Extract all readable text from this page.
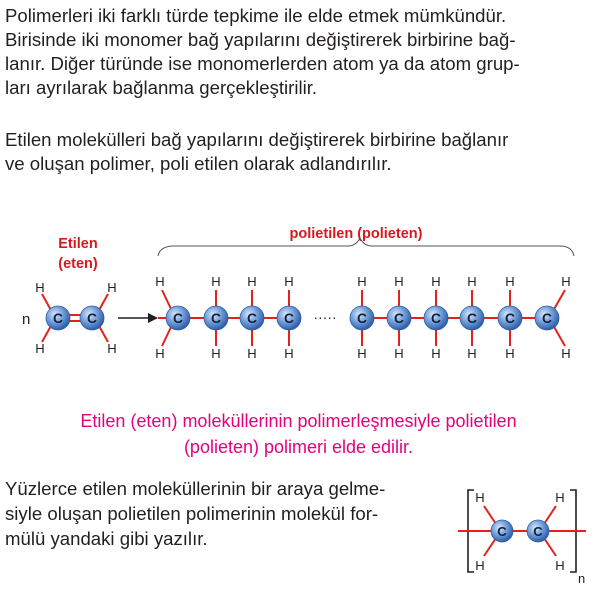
Polimerleri iki farklı türde tepkime ile elde etmek mümkündür.
Birisinde iki monomer bağ yapılarını değiştirerek birbirine bağ-
lanır. Diğer türünde ise monomerlerden atom ya da atom grup-
ları ayrılarak bağlanma gerçekleştirilir.

Etilen molekülleri bağ yapılarını değiştirerek birbirine bağlanır
ve oluşan polimer, poli etilen olarak adlandırılır.

Etilen
(eten)
polietilen (polieten)
n C C
H
H
H
H
·····
H
H
C
H
H
C
H
H
C
H
H
C
H
H
C
H
H
C
H
H
C
H
H
C
H
H
C
H
H
C
Etilen (eten) moleküllerinin polimerleşmesiyle polietilen
(polieten) polimeri elde edilir.

Yüzlerce etilen moleküllerinin bir araya gelme-
siyle oluşan polietilen polimerinin molekül for-
mülü yandaki gibi yazılır.	C C
H
H
H
H
n
